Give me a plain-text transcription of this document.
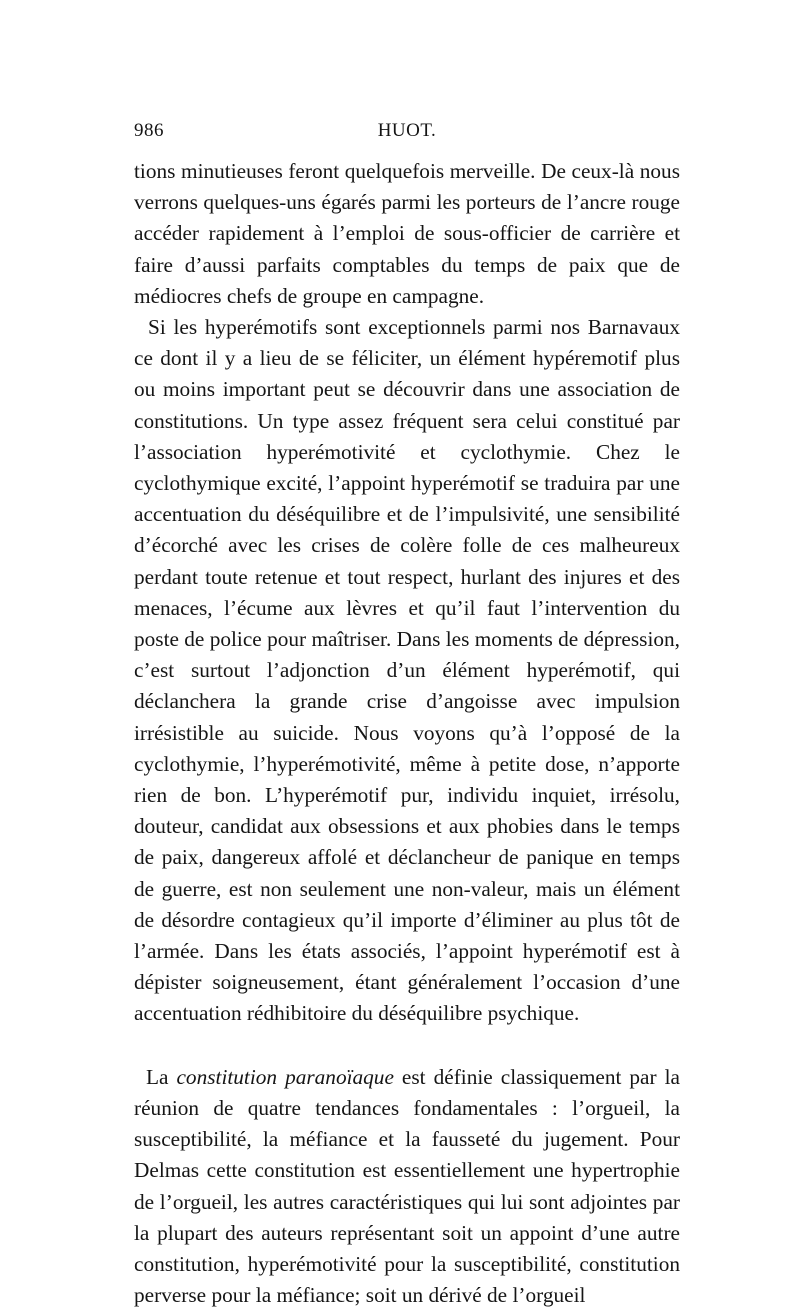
986	HUOT.

tions minutieuses feront quelquefois merveille. De ceux-là nous verrons quelques-uns égarés parmi les porteurs de l’ancre rouge accéder rapidement à l’emploi de sous-officier de carrière et faire d’aussi parfaits comptables du temps de paix que de médiocres chefs de groupe en campagne.

Si les hyperémotifs sont exceptionnels parmi nos Barnavaux ce dont il y a lieu de se féliciter, un élément hypéremotif plus ou moins important peut se découvrir dans une association de constitutions. Un type assez fréquent sera celui constitué par l’association hyperémotivité et cyclothymie. Chez le cyclothymique excité, l’appoint hyperémotif se traduira par une accentuation du déséquilibre et de l’impulsivité, une sensibilité d’écorché avec les crises de colère folle de ces malheureux perdant toute retenue et tout respect, hurlant des injures et des menaces, l’écume aux lèvres et qu’il faut l’intervention du poste de police pour maîtriser. Dans les moments de dépression, c’est surtout l’adjonction d’un élément hyperémotif, qui déclanchera la grande crise d’angoisse avec impulsion irrésistible au suicide. Nous voyons qu’à l’opposé de la cyclothymie, l’hyperémotivité, même à petite dose, n’apporte rien de bon. L’hyperémotif pur, individu inquiet, irrésolu, douteur, candidat aux obsessions et aux phobies dans le temps de paix, dangereux affolé et déclancheur de panique en temps de guerre, est non seulement une non-valeur, mais un élément de désordre contagieux qu’il importe d’éliminer au plus tôt de l’armée. Dans les états associés, l’appoint hyperémotif est à dépister soigneusement, étant généralement l’occasion d’une accentuation rédhibitoire du déséquilibre psychique.

La constitution paranoïaque est définie classiquement par la réunion de quatre tendances fondamentales : l’orgueil, la susceptibilité, la méfiance et la fausseté du jugement. Pour Delmas cette constitution est essentiellement une hypertrophie de l’orgueil, les autres caractéristiques qui lui sont adjointes par la plupart des auteurs représentant soit un appoint d’une autre constitution, hyperémotivité pour la susceptibilité, constitution perverse pour la méfiance; soit un dérivé de l’orgueil
